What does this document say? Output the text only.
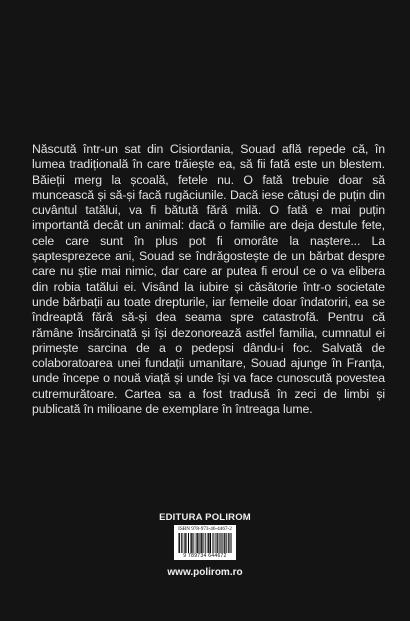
Născută într-un sat din Cisiordania, Souad află repede că, în lumea tradițională în care trăiește ea, să fii fată este un blestem. Băieții merg la școală, fetele nu. O fată trebuie doar să muncească și să-și facă rugăciunile. Dacă iese câtuși de puțin din cuvântul tatălui, va fi bătută fără milă. O fată e mai puțin importantă decât un animal: dacă o familie are deja destule fete, cele care sunt în plus pot fi omorâte la naștere... La șaptesprezece ani, Souad se îndrăgostește de un bărbat despre care nu știe mai nimic, dar care ar putea fi eroul ce o va elibera din robia tatălui ei. Visând la iubire și căsătorie într-o societate unde bărbații au toate drepturile, iar femeile doar îndatoriri, ea se îndreaptă fără să-și dea seama spre catastrofă. Pentru că rămâne însărcinată și își dezonorează astfel familia, cumnatul ei primește sarcina de a o pedepsi dându-i foc. Salvată de colaboratoarea unei fundații umanitare, Souad ajunge în Franța, unde începe o nouă viață și unde își va face cunoscută povestea cutremurătoare. Cartea sa a fost tradusă în zeci de limbi și publicată în milioane de exemplare în întreaga lume.

EDITURA POLIROM
ISBN 978-973-46-4467-2
9 789734 644672
www.polirom.ro
